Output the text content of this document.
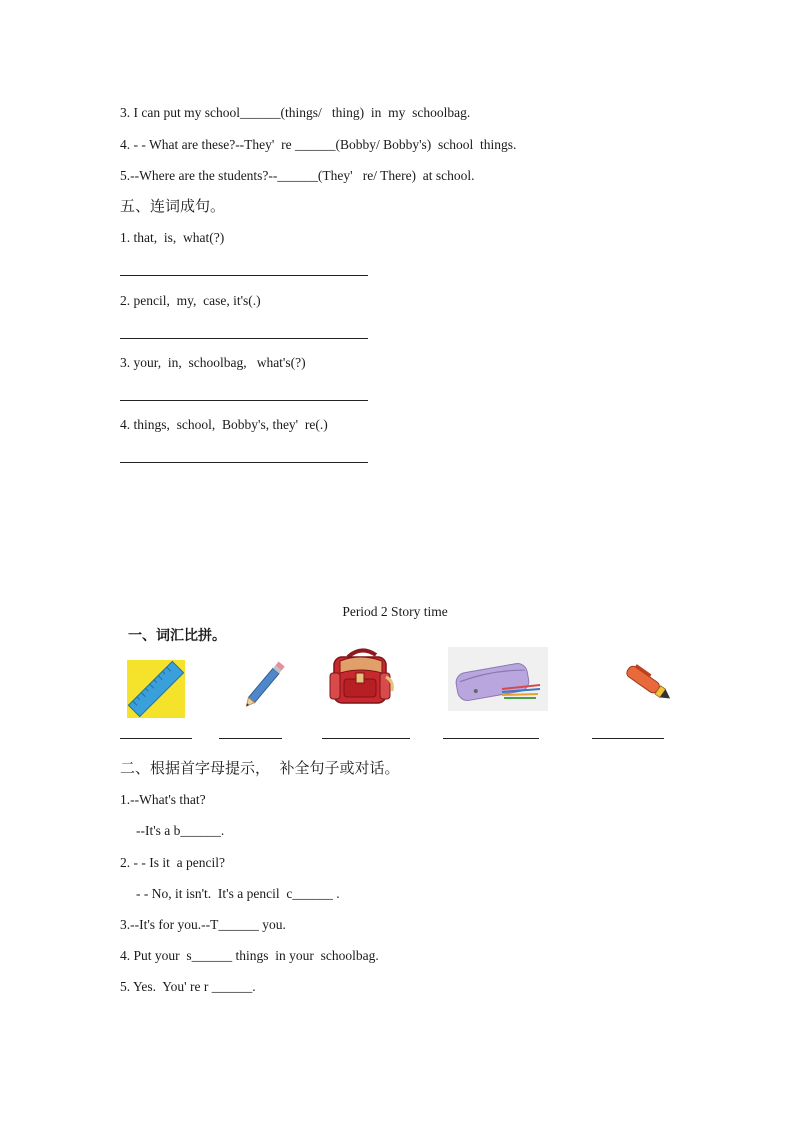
3. I can put my school______(things/   thing)  in  my  schoolbag.
4. - - What are these?--They'  re ______(Bobby/ Bobby's)  school  things.
5.--Where are the students?--______(They'   re/ There)  at school.
五、连词成句。
1. that,  is,  what(?)
2. pencil,  my,  case, it's(.)
3. your,  in,  schoolbag,   what's(?)
4. things,  school,  Bobby's, they'  re(.)
Period 2 Story time
一、词汇比拼。
二、根据首字母提示，  补全句子或对话。
1.--What's that?
--It's a b______.
2. - - Is it  a pencil?
- - No, it isn't.  It's a pencil  c______ .
3.--It's for you.--T______ you.
4. Put your  s______ things  in your  schoolbag.
5. Yes.  You' re r ______.
